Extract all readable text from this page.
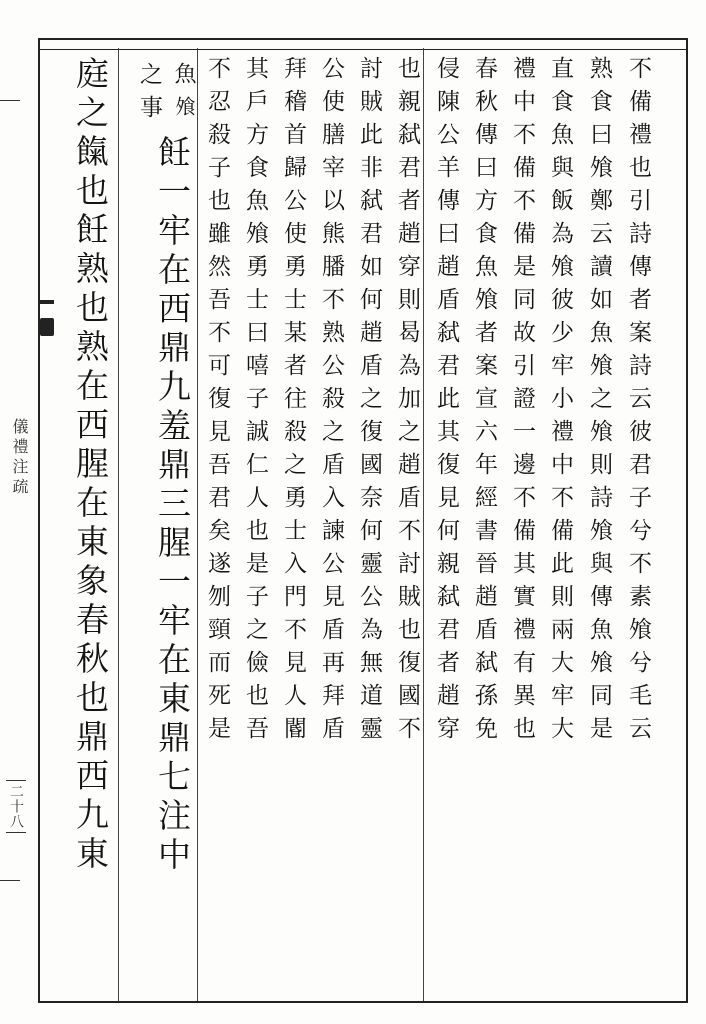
儀禮注疏
二十八
不備禮也引詩傳者案詩云彼君子兮不素飧兮毛云
熟食曰飧鄭云讀如魚飧之飧則詩飧與傳魚飧同是
直食魚與飯為飧彼少牢小禮中不備此則兩大牢大
禮中不備不備是同故引證一邊不備其實禮有異也
春秋傳曰方食魚飧者案宣六年經書晉趙盾弑孫免
侵陳公羊傳曰趙盾弑君此其復見何親弑君者趙穿
也親弑君者趙穿則曷為加之趙盾不討賊也復國不
討賊此非弑君如何趙盾之復國奈何靈公為無道靈
公使膳宰以熊膰不熟公殺之盾入諫公見盾再拜盾
拜稽首歸公使勇士某者往殺之勇士入門不見人閽
其戶方食魚飧勇士曰嘻子誠仁人也是子之儉也吾
不忍殺子也雖然吾不可復見吾君矣遂刎頸而死是
魚
飧
之事
飪一牢在西鼎九羞鼎三腥一牢在東鼎七注中
庭之餼也飪熟也熟在西腥在東象春秋也鼎西九東
